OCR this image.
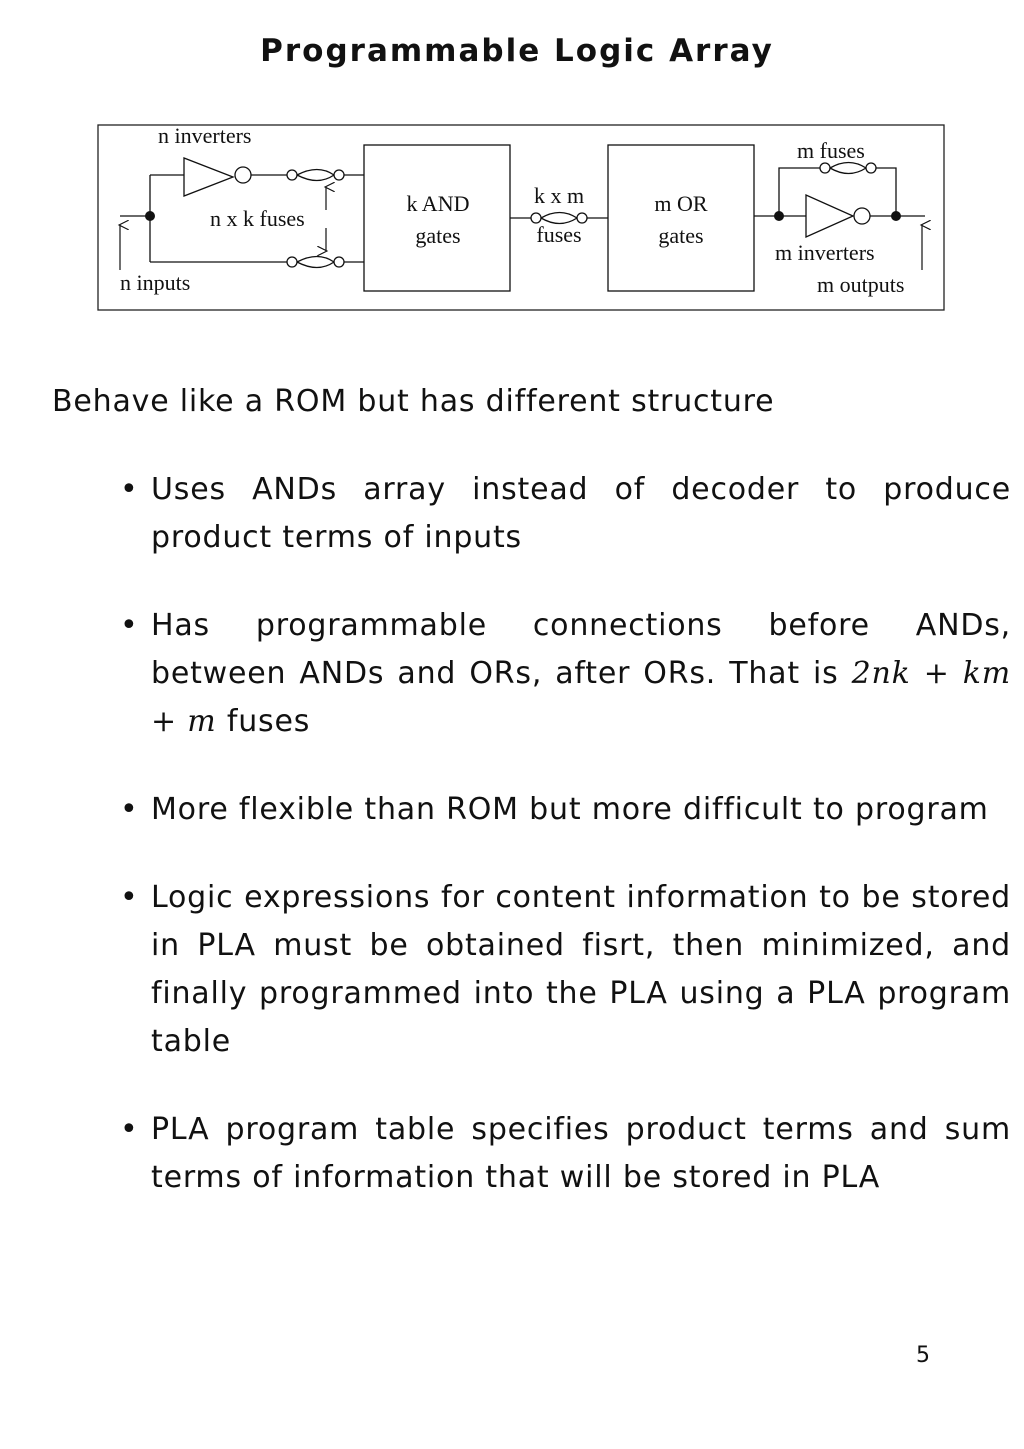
Programmable Logic Array
n inverters
n x k fuses
n inputs
k AND
gates
k x m
fuses
m OR
gates
m fuses
m inverters
m outputs

Behave like a ROM but has different structure

• Uses ANDs array instead of decoder to produce product terms of inputs
• Has programmable connections before ANDs, between ANDs and ORs, after ORs. That is 2nk + km + m fuses
• More flexible than ROM but more difficult to program
• Logic expressions for content information to be stored in PLA must be obtained fisrt, then minimized, and finally programmed into the PLA using a PLA program table
• PLA program table specifies product terms and sum terms of information that will be stored in PLA

5
